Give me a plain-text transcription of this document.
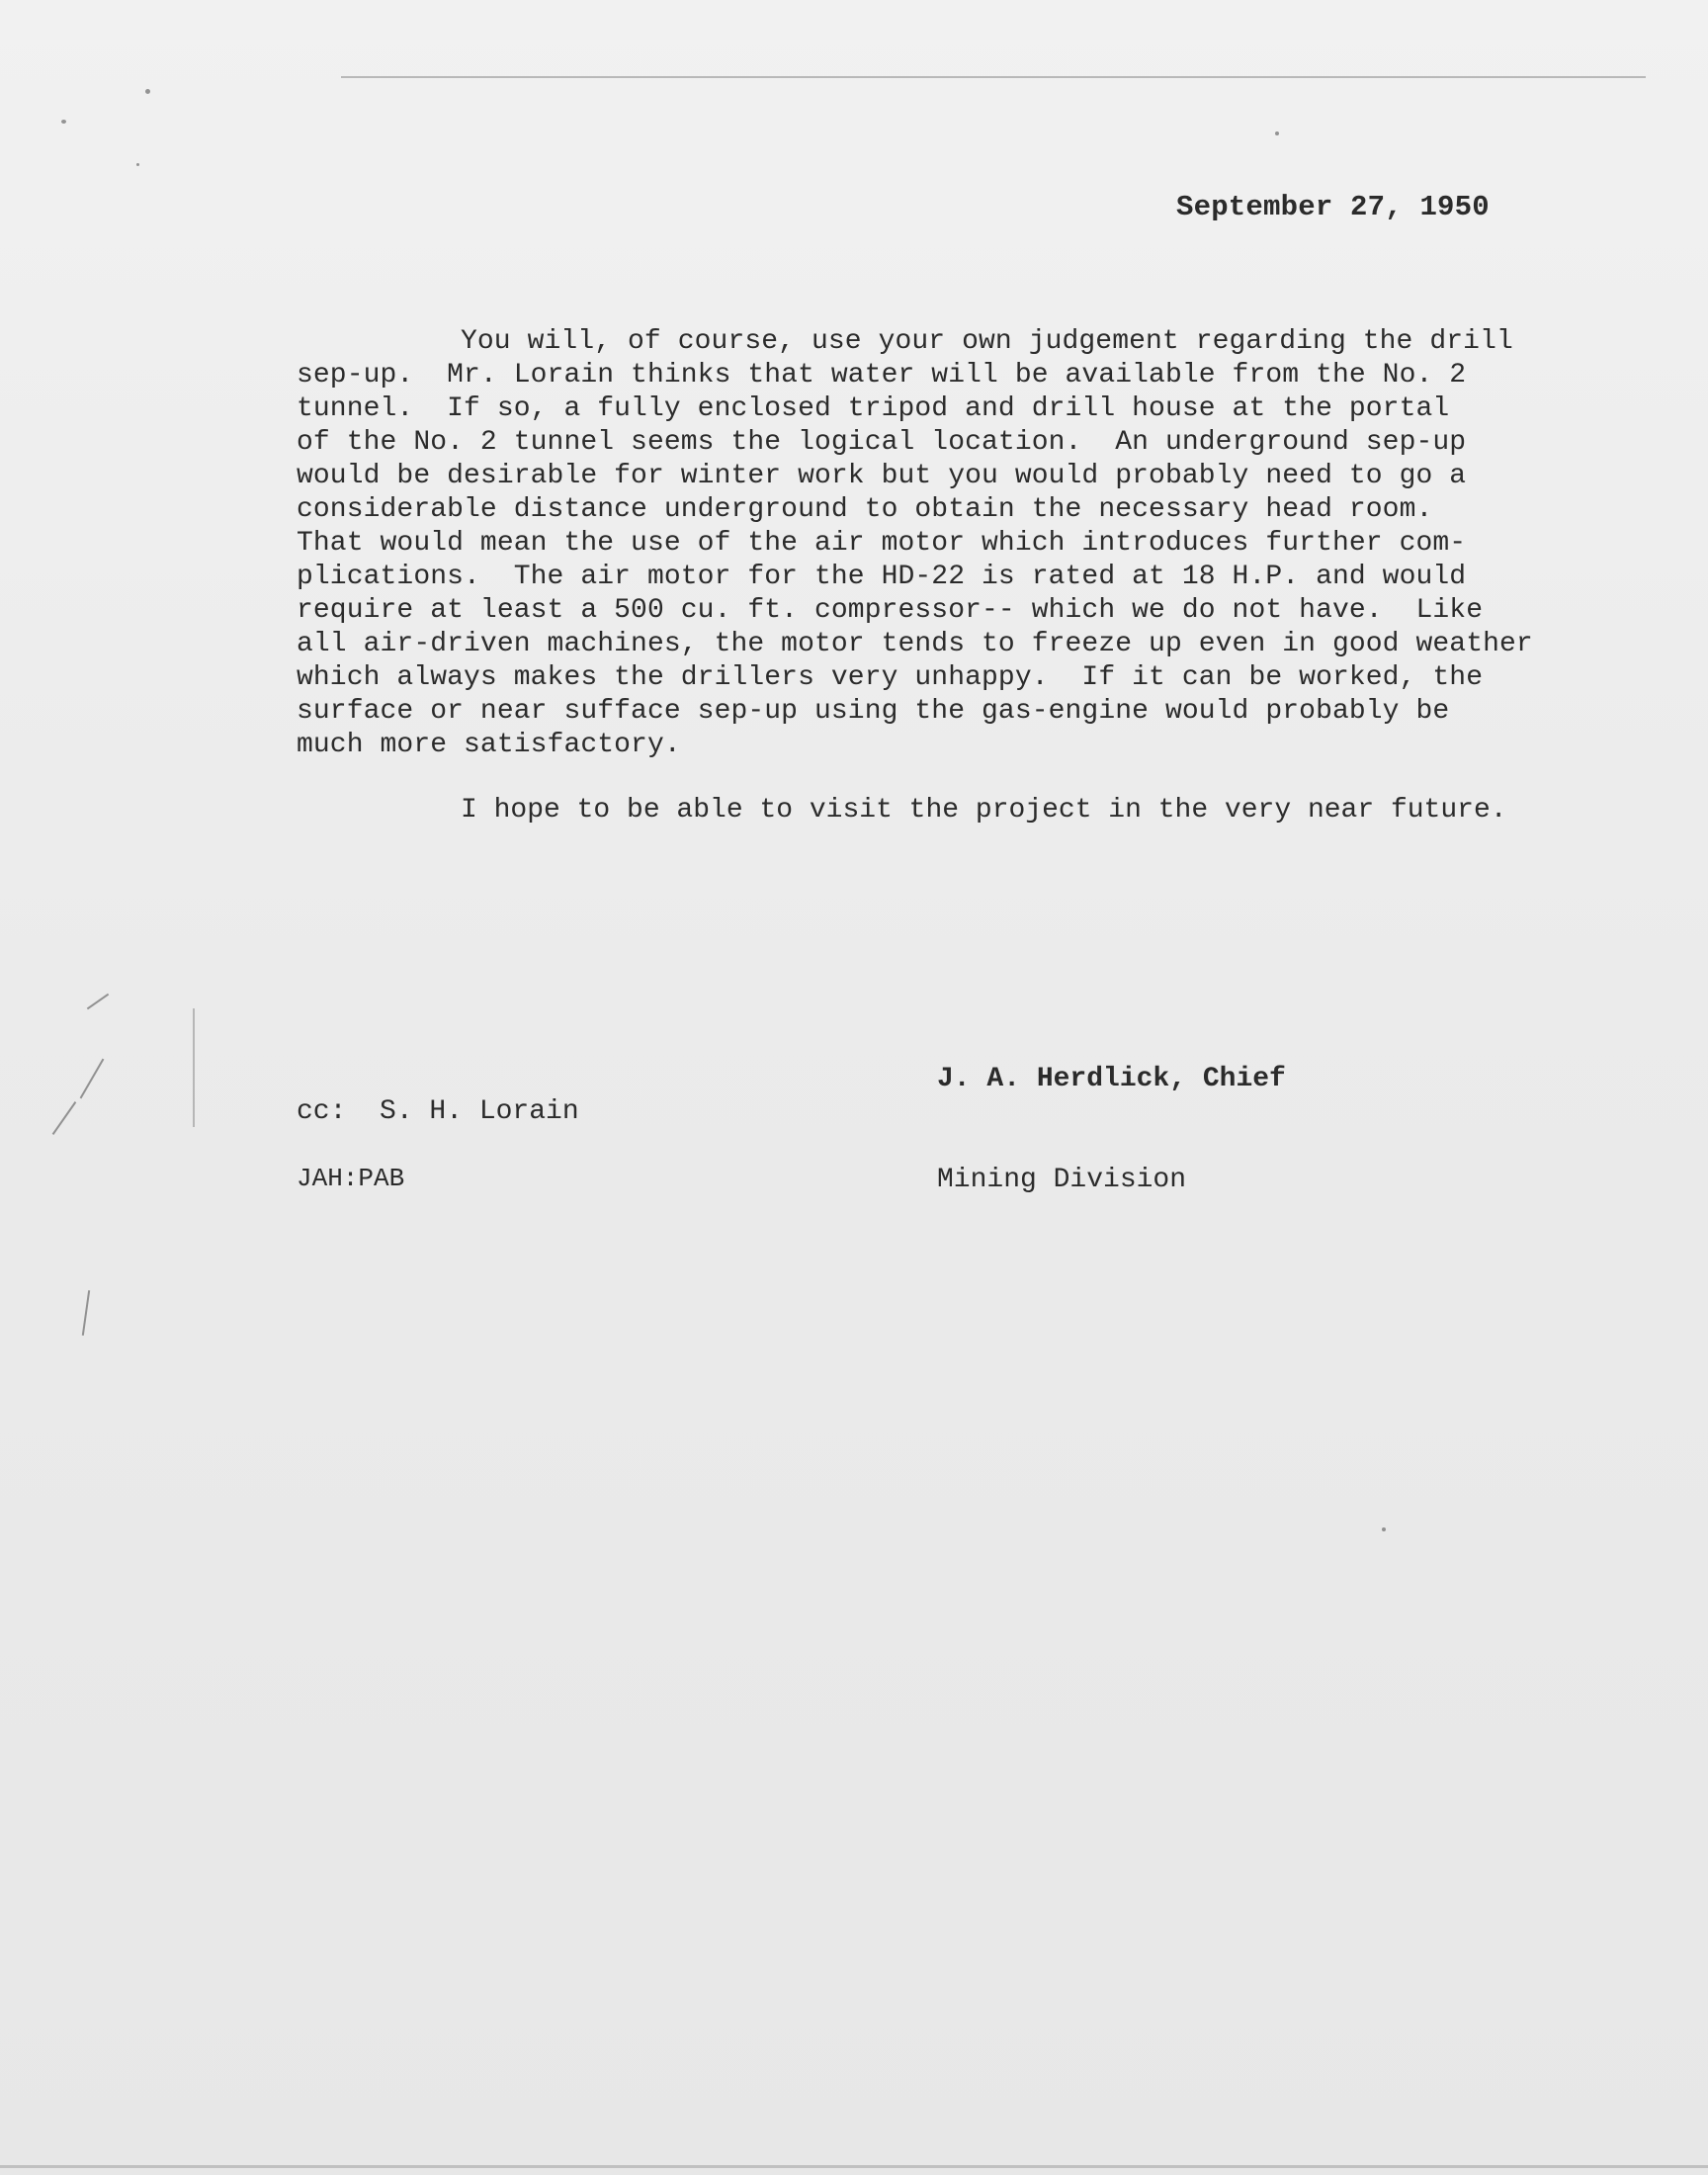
September 27, 1950
You will, of course, use your own judgement regarding the drill
sep-up.  Mr. Lorain thinks that water will be available from the No. 2
tunnel.  If so, a fully enclosed tripod and drill house at the portal
of the No. 2 tunnel seems the logical location.  An underground sep-up
would be desirable for winter work but you would probably need to go a
considerable distance underground to obtain the necessary head room.
That would mean the use of the air motor which introduces further com-
plications.  The air motor for the HD-22 is rated at 18 H.P. and would
require at least a 500 cu. ft. compressor-- which we do not have.  Like
all air-driven machines, the motor tends to freeze up even in good weather
which always makes the drillers very unhappy.  If it can be worked, the
surface or near sufface sep-up using the gas-engine would probably be
much more satisfactory.
I hope to be able to visit the project in the very near future.

J. A. Herdlick, Chief

Mining Division

cc:  S. H. Lorain
JAH:PAB
